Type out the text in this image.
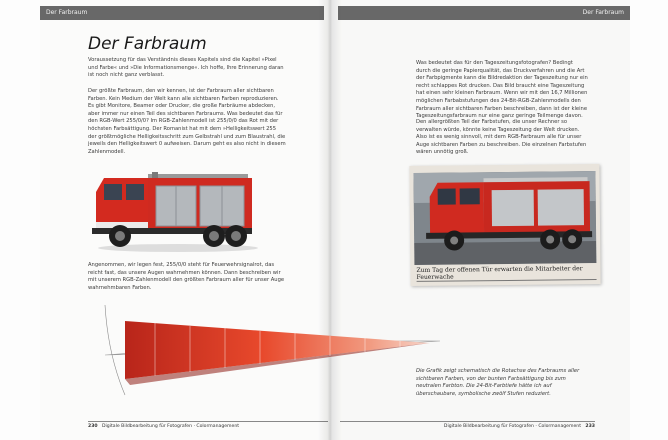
Der Farbraum
Der Farbraum
Voraussetzung für das Verständnis dieses Kapitels sind die Kapitel »Pixel und Farbe« und »Die Informationsmenge«. Ich hoffe, Ihre Erinnerung daran ist noch nicht ganz verblasst.
Der größte Farbraum, den wir kennen, ist der Farbraum aller sichtbaren Farben. Kein Medium der Welt kann alle sichtbaren Farben reproduzieren. Es gibt Monitore, Beamer oder Drucker, die große Farbräume abdecken, aber immer nur einen Teil des sichtbaren Farbraums. Was bedeutet das für den RGB-Wert 255/0/0? Im RGB-Zahlenmodell ist 255/0/0 das Rot mit der höchsten Farbsättigung. Der Romanist hat mit dem »Helligkeitswert 255 der größtmögliche Helligkeitsschritt zum Gelbstrahl und zum Blaustrahl, die jeweils den Helligkeitswert 0 aufweisen. Darum geht es also nicht in diesem Zahlenmodell.
Angenommen, wir legen fest, 255/0/0 steht für Feuerwehrsignalrot, das reicht fast, das unsere Augen wahrnehmen können. Dann beschreiben wir mit unserem RGB-Zahlenmodell den größten Farbraum aller für unser Auge wahrnehmbaren Farben.
230 Digitale Bildbearbeitung für Fotografen · Colormanagement
Der Farbraum
Was bedeutet das für den Tageszeitungsfotografen? Bedingt durch die geringe Papierqualität, das Druckverfahren und die Art der Farbpigmente kann die Bildredaktion der Tageszeitung nur ein recht schlappes Rot drucken. Das Bild braucht eine Tageszeitung hat einen sehr kleinen Farbraum. Wenn wir mit den 16,7 Millionen möglichen Farbabstufungen des 24-Bit-RGB-Zahlenmodells den Farbraum aller sichtbaren Farben beschreiben, dann ist der kleine Tageszeitungsfarbraum nur eine ganz geringe Teilmenge davon.
Den allergrößten Teil der Farbstufen, die unser Rechner so verwalten würde, könnte keine Tageszeitung der Welt drucken. Also ist es wenig sinnvoll, mit dem RGB-Farbraum alle für unser Auge sichtbaren Farben zu beschreiben. Die einzelnen Farbstufen wären unnötig groß.
Zum Tag der offenen Tür erwarten die Mitarbeiter der Feuerwache
Die Grafik zeigt schematisch die Rotachse des Farbraums aller sichtbaren Farben, von der bunten Farbsättigung bis zum neutralen Farbton. Die 24-Bit-Farbtiefe hätte ich auf überschaubare, symbolische zwölf Stufen reduziert.
Digitale Bildbearbeitung für Fotografen · Colormanagement 233
